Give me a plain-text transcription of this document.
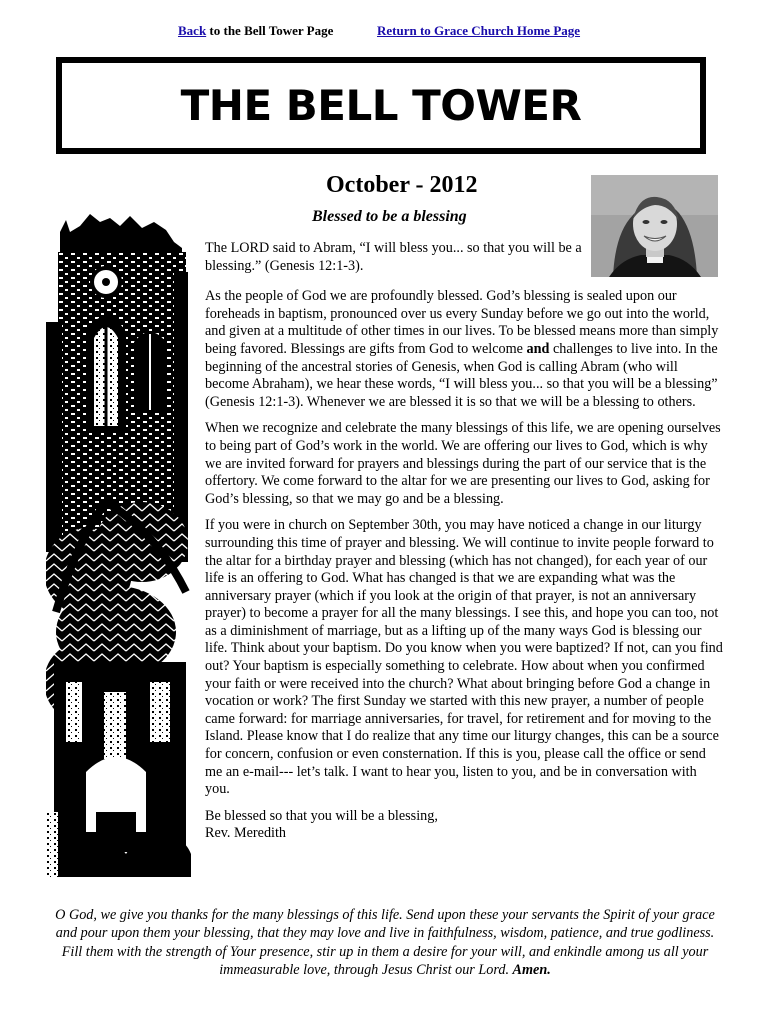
Back to the Bell Tower Page	Return to Grace Church Home Page
THE BELL TOWER
October - 2012
Blessed to be a blessing

The LORD said to Abram, “I will bless you... so that you will be a blessing.” (Genesis 12:1-3).

As the people of God we are profoundly blessed. God’s blessing is sealed upon our foreheads in baptism, pronounced over us every Sunday before we go out into the world, and given at a multitude of other times in our lives. To be blessed means more than simply being favored. Blessings are gifts from God to welcome and challenges to live into. In the beginning of the ancestral stories of Genesis, when God is calling Abram (who will become Abraham), we hear these words, “I will bless you... so that you will be a blessing” (Genesis 12:1-3). Whenever we are blessed it is so that we will be a blessing to others.

When we recognize and celebrate the many blessings of this life, we are opening ourselves to being part of God’s work in the world. We are offering our lives to God, which is why we are invited forward for prayers and blessings during the part of our service that is the offertory. We come forward to the altar for we are presenting our lives to God, asking for God’s blessing, so that we may go and be a blessing.

If you were in church on September 30th, you may have noticed a change in our liturgy surrounding this time of prayer and blessing. We will continue to invite people forward to the altar for a birthday prayer and blessing (which has not changed), for each year of our life is an offering to God. What has changed is that we are expanding what was the anniversary prayer (which if you look at the origin of that prayer, is not an anniversary prayer) to become a prayer for all the many blessings. I see this, and hope you can too, not as a diminishment of marriage, but as a lifting up of the many ways God is blessing our life. Think about your baptism. Do you know when you were baptized? If not, can you find out? Your baptism is especially something to celebrate. How about when you confirmed your faith or were received into the church? What about bringing before God a change in vocation or work? The first Sunday we started with this new prayer, a number of people came forward: for marriage anniversaries, for travel, for retirement and for moving to the Island. Please know that I do realize that any time our liturgy changes, this can be a source for concern, confusion or even consternation. If this is you, please call the office or send me an e-mail--- let’s talk. I want to hear you, listen to you, and be in conversation with you.

Be blessed so that you will be a blessing,

Rev. Meredith

O God, we give you thanks for the many blessings of this life. Send upon these your servants the Spirit of your grace and pour upon them your blessing, that they may love and live in faithfulness, wisdom, patience, and true godliness. Fill them with the strength of Your presence, stir up in them a desire for your will, and enkindle among us all your immeasurable love, through Jesus Christ our Lord. Amen.
